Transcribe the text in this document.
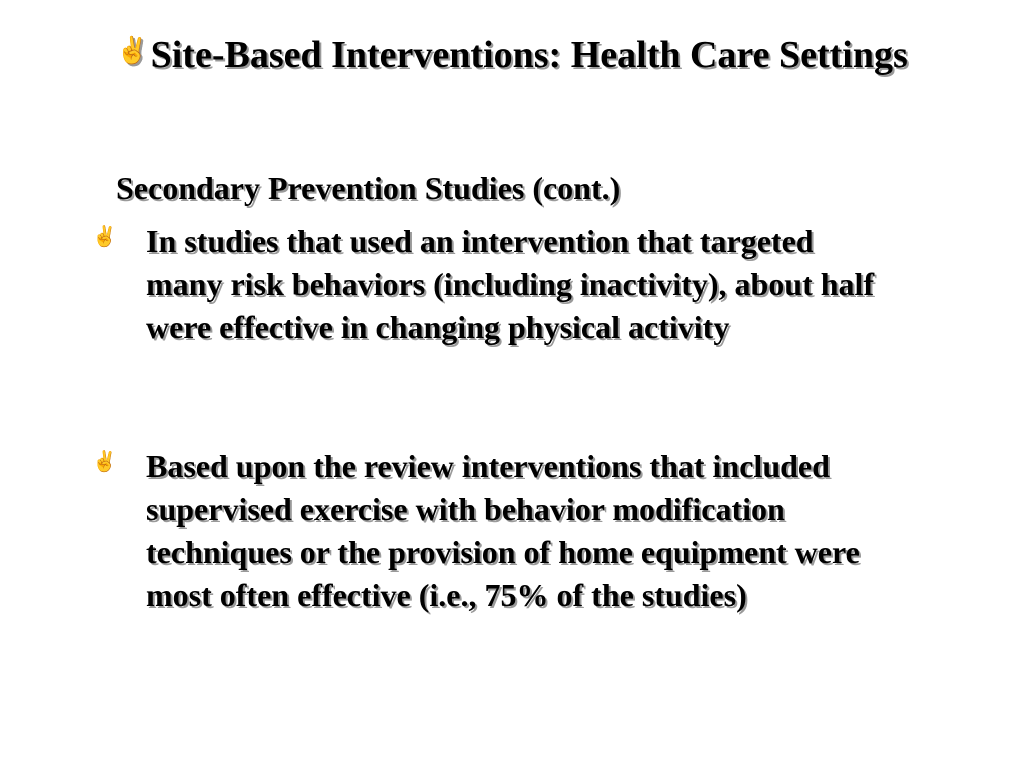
✌Site-Based Interventions: Health Care Settings
Secondary Prevention Studies (cont.)
✌ In studies that used an intervention that targeted many risk behaviors (including inactivity), about half were effective in changing physical activity
✌ Based upon the review interventions that included supervised exercise with behavior modification techniques or the provision of home equipment were most often effective (i.e., 75% of the studies)
